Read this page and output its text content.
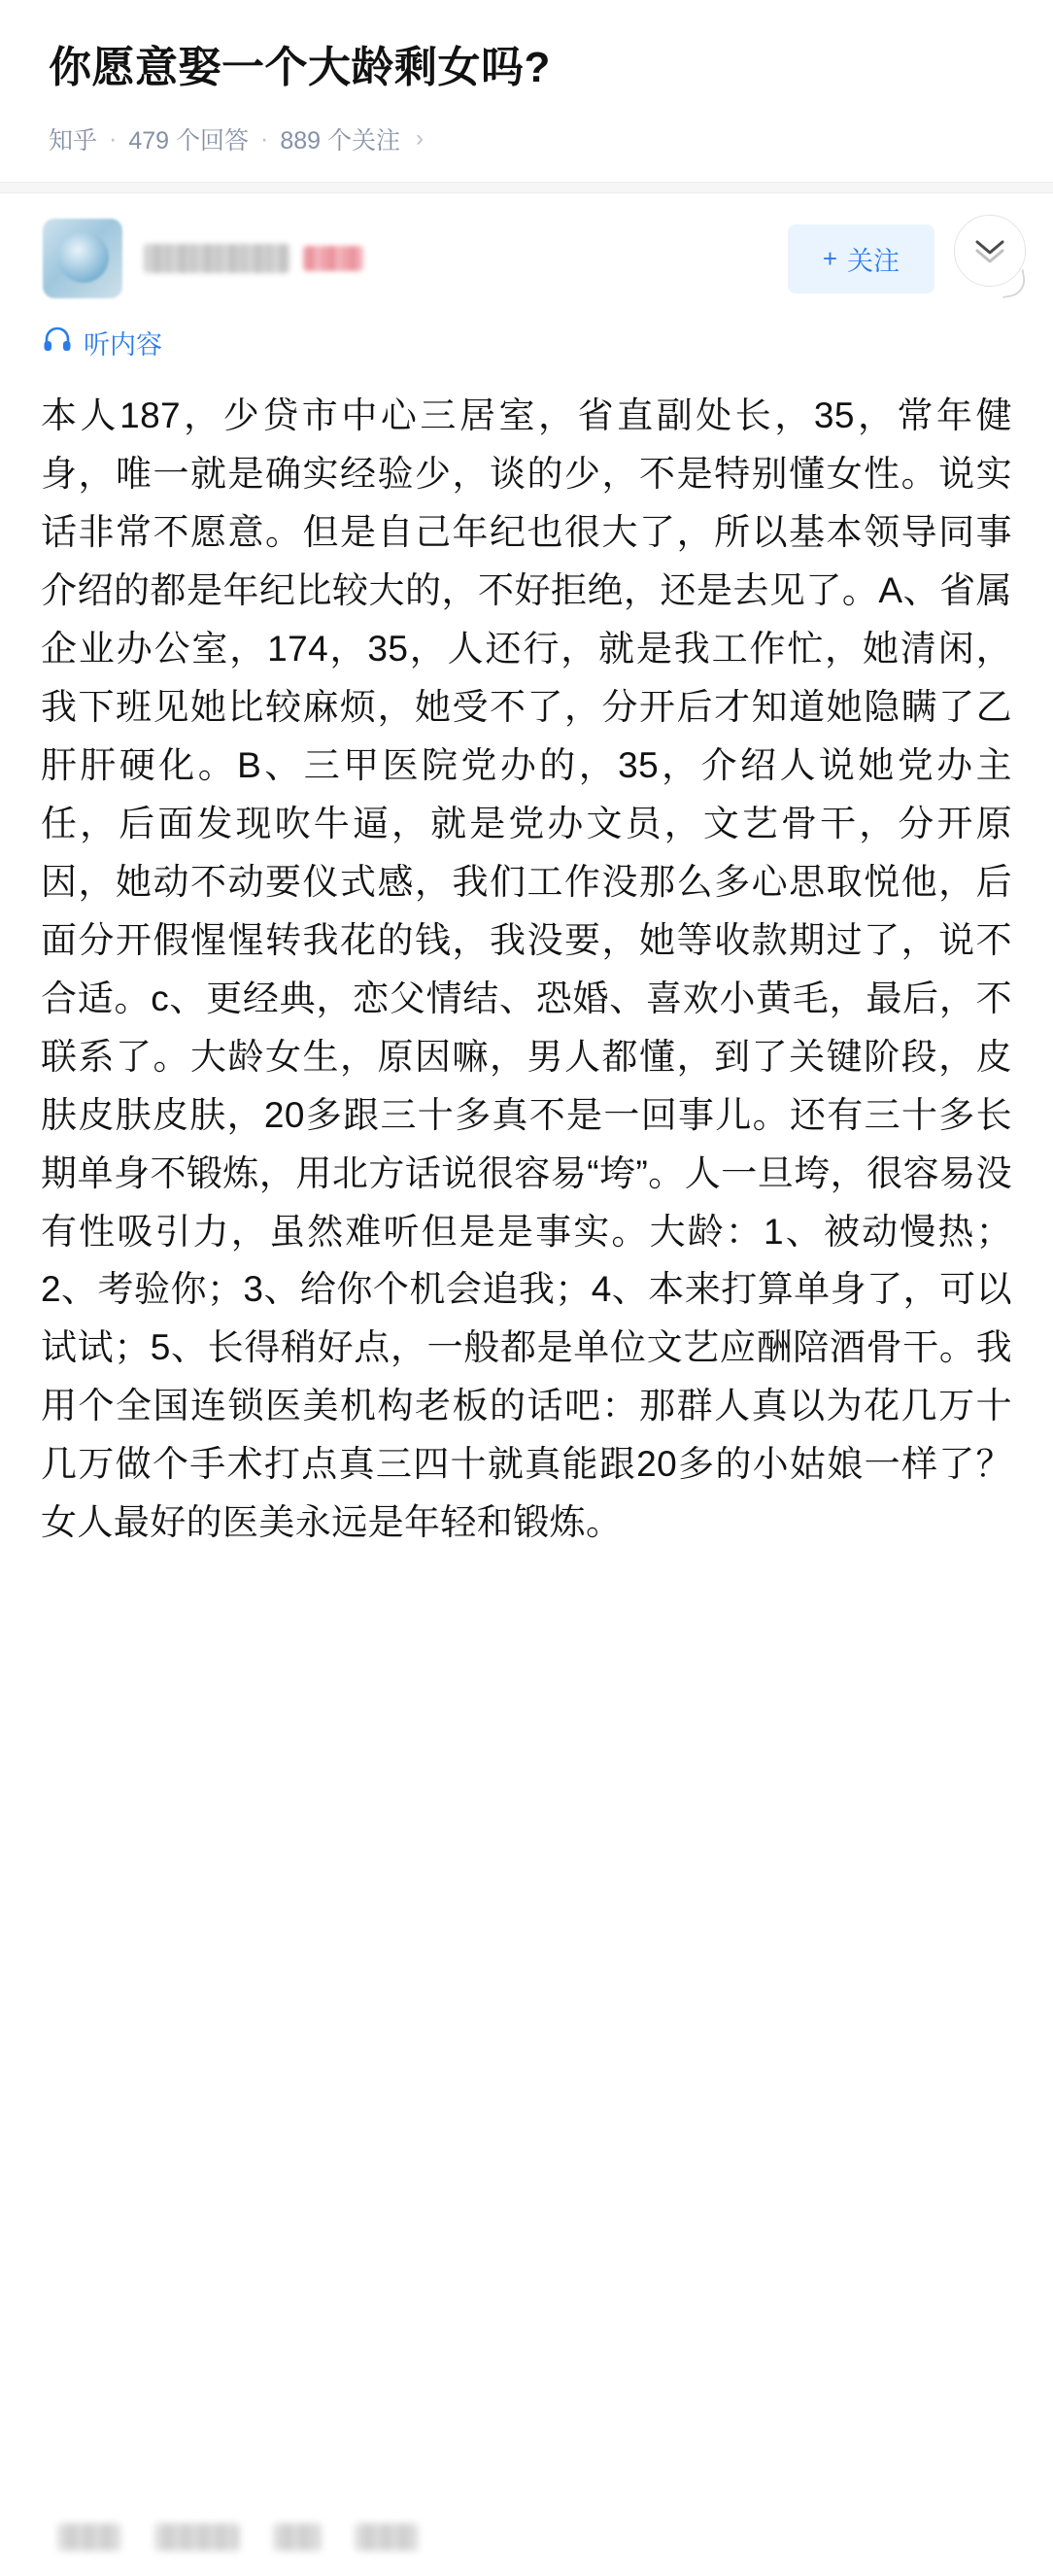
你愿意娶一个大龄剩女吗?
知乎 · 479 个回答 · 889 个关注 ›
+ 关注
听内容
本人187，少贷市中心三居室，省直副处长，35，常年健身，唯一就是确实经验少，谈的少，不是特别懂女性。说实话非常不愿意。但是自己年纪也很大了，所以基本领导同事介绍的都是年纪比较大的，不好拒绝，还是去见了。A、省属企业办公室，174，35，人还行，就是我工作忙，她清闲，我下班见她比较麻烦，她受不了，分开后才知道她隐瞒了乙肝肝硬化。B、三甲医院党办的，35，介绍人说她党办主任，后面发现吹牛逼，就是党办文员，文艺骨干，分开原因，她动不动要仪式感，我们工作没那么多心思取悦他，后面分开假惺惺转我花的钱，我没要，她等收款期过了，说不合适。c、更经典，恋父情结、恐婚、喜欢小黄毛，最后，不联系了。大龄女生，原因嘛，男人都懂，到了关键阶段，皮肤皮肤皮肤，20多跟三十多真不是一回事儿。还有三十多长期单身不锻炼，用北方话说很容易“垮”。人一旦垮，很容易没有性吸引力，虽然难听但是是事实。大龄：1、被动慢热；2、考验你；3、给你个机会追我；4、本来打算单身了，可以试试；5、长得稍好点，一般都是单位文艺应酬陪酒骨干。我用个全国连锁医美机构老板的话吧：那群人真以为花几万十几万做个手术打点真三四十就真能跟20多的小姑娘一样了？女人最好的医美永远是年轻和锻炼。
